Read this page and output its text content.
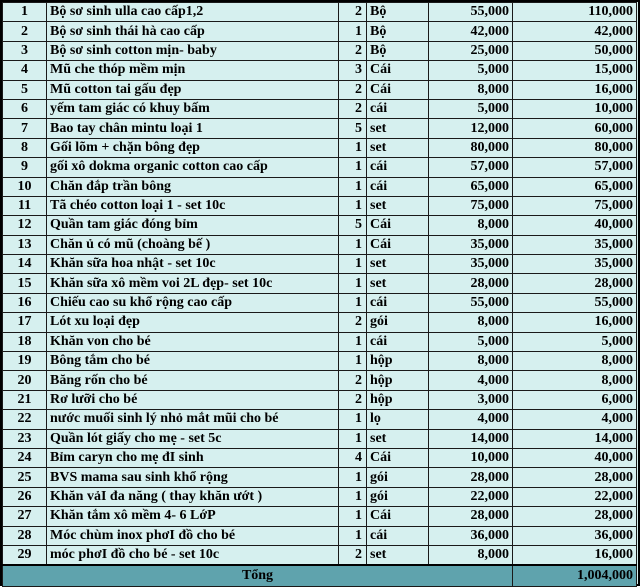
1	Bộ sơ sinh ulla cao cấp1,2	2	Bộ	55,000	110,000
2	Bộ sơ sinh thái hà cao cấp	1	Bộ	42,000	42,000
3	Bộ sơ sinh cotton mịn- baby	2	Bộ	25,000	50,000
4	Mũ che thóp mềm mịn	3	Cái	5,000	15,000
5	Mũ cotton tai gấu đẹp	2	Cái	8,000	16,000
6	yếm tam giác có khuy bấm	2	cái	5,000	10,000
7	Bao tay chân mintu loại 1	5	set	12,000	60,000
8	Gối lõm + chặn bông đẹp	1	set	80,000	80,000
9	gối xô dokma organic cotton cao cấp	1	cái	57,000	57,000
10	Chăn đắp trần bông	1	cái	65,000	65,000
11	Tã chéo cotton loại 1 - set 10c	1	set	75,000	75,000
12	Quần tam giác đóng bỉm	5	Cái	8,000	40,000
13	Chăn ủ có mũ (choàng bế )	1	Cái	35,000	35,000
14	Khăn sữa hoa nhật - set 10c	1	set	35,000	35,000
15	Khăn sữa xô mềm voi 2L đẹp- set 10c	1	set	28,000	28,000
16	Chiếu cao su khổ rộng cao cấp	1	cái	55,000	55,000
17	Lót xu loại đẹp	2	gói	8,000	16,000
18	Khăn von cho bé	1	cái	5,000	5,000
19	Bông tắm cho bé	1	hộp	8,000	8,000
20	Băng rốn cho bé	2	hộp	4,000	8,000
21	Rơ lưỡi cho bé	2	hộp	3,000	6,000
22	nước muối sinh lý nhỏ mắt mũi cho bé	1	lọ	4,000	4,000
23	Quần lót giấy cho mẹ - set 5c	1	set	14,000	14,000
24	Bỉm caryn cho mẹ đI sinh	4	Cái	10,000	40,000
25	BVS mama sau sinh khổ rộng	1	gói	28,000	28,000
26	Khăn vảI đa năng ( thay khăn ướt )	1	gói	22,000	22,000
27	Khăn tắm xô mềm 4- 6 LớP	1	Cái	28,000	28,000
28	Móc chùm inox phơI đồ cho bé	1	cái	36,000	36,000
29	móc phơI đồ cho bé - set 10c	2	set	8,000	16,000
Tổng					1,004,000
